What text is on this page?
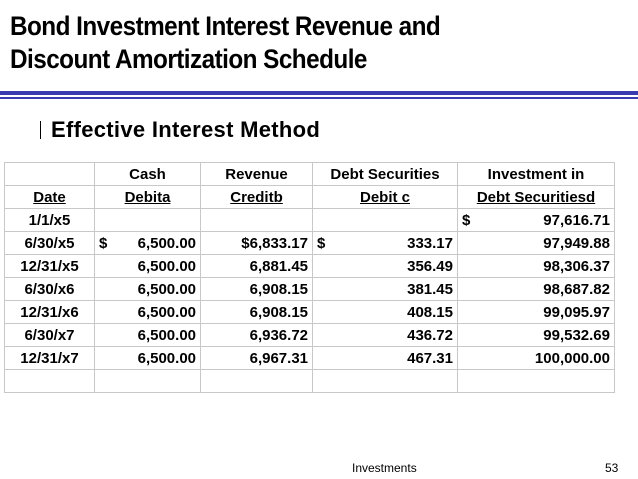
Bond Investment Interest Revenue and
Discount Amortization Schedule
Effective Interest Method
	Cash	Revenue	Debt Securities	Investment in
Date	Debita	Creditb	Debit c	Debt Securitiesd
1/1/x5				$ 97,616.71

6/30/x5	$ 6,500.00	$6,833.17	$ 333.17	97,949.88

12/31/x5	6,500.00	6,881.45	356.49	98,306.37

6/30/x6	6,500.00	6,908.15	381.45	98,687.82

12/31/x6	6,500.00	6,908.15	408.15	99,095.97

6/30/x7	6,500.00	6,936.72	436.72	99,532.69

12/31/x7	6,500.00	6,967.31	467.31	100,000.00

Investments	53
